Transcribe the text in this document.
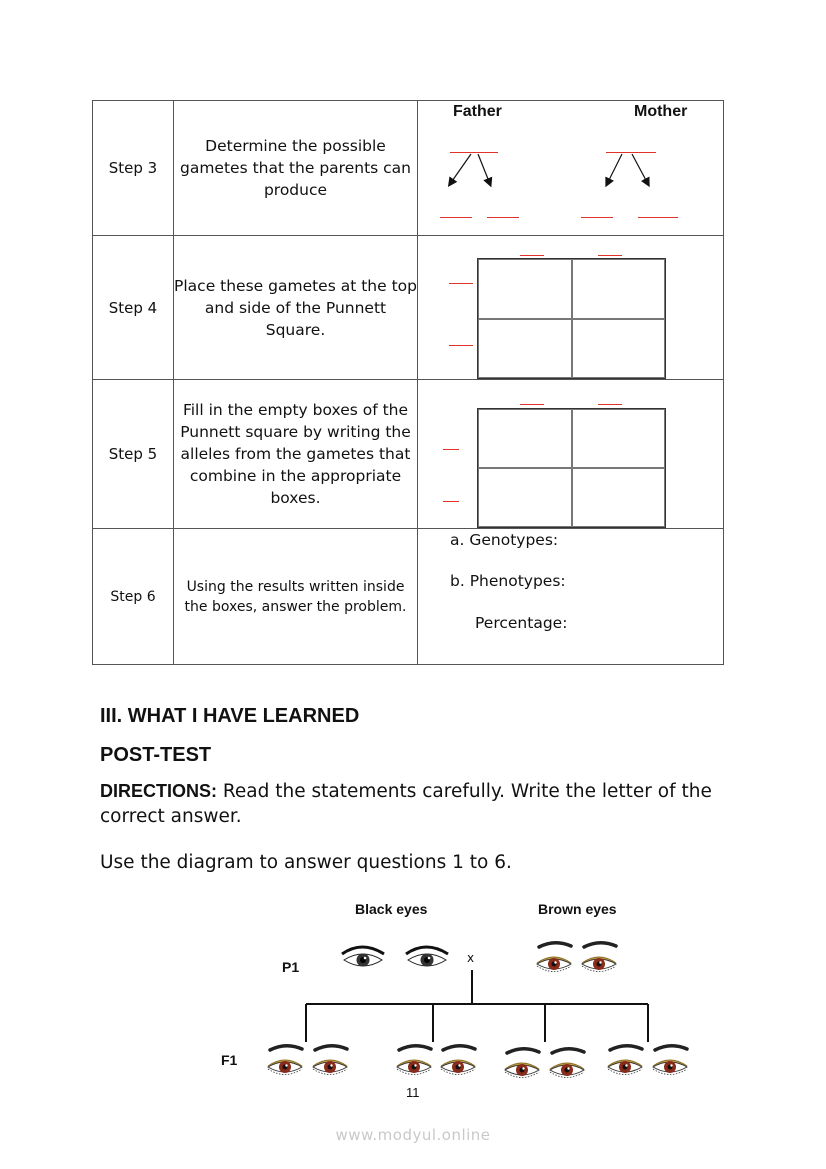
Step 3	Determine the possible gametes that the parents can produce	Father Mother

Step 4	Place these gametes at the top and side of the Punnett Square.	

Step 5	Fill in the empty boxes of the Punnett square by writing the alleles from the gametes that combine in the appropriate boxes.	

Step 6	Using the results written inside the boxes, answer the problem.	a. Genotypes:
b. Phenotypes:
Percentage:
III. WHAT I HAVE LEARNED
POST-TEST
DIRECTIONS: Read the statements carefully. Write the letter of the correct answer.
Use the diagram to answer questions 1 to 6.
Black eyes	Brown eyes
P1
x
F1
11
www.modyul.online
